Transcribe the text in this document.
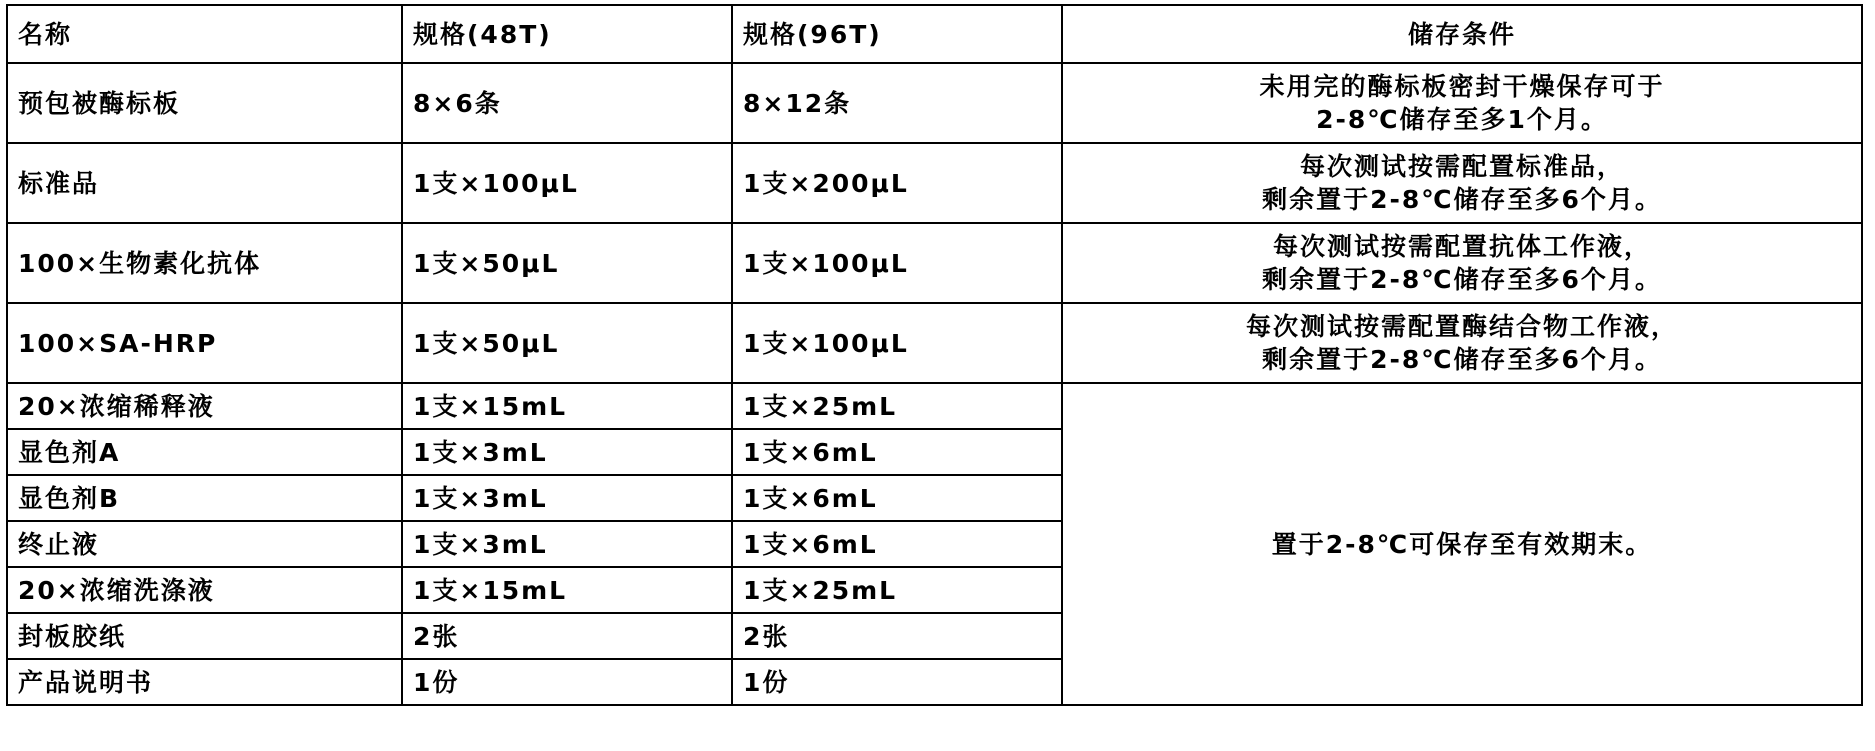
名称	规格(48T)	规格(96T)	储存条件
预包被酶标板	8×6条	8×12条	未用完的酶标板密封干燥保存可于
2-8℃储存至多1个月。

标准品	1支×100μL	1支×200μL	每次测试按需配置标准品，
剩余置于2-8℃储存至多6个月。

100×生物素化抗体	1支×50μL	1支×100μL	每次测试按需配置抗体工作液，
剩余置于2-8℃储存至多6个月。

100×SA-HRP	1支×50μL	1支×100μL	每次测试按需配置酶结合物工作液，
剩余置于2-8℃储存至多6个月。

20×浓缩稀释液	1支×15mL	1支×25mL	置于2-8℃可保存至有效期末。
显色剂A	1支×3mL	1支×6mL	
显色剂B	1支×3mL	1支×6mL	
终止液	1支×3mL	1支×6mL	
20×浓缩洗涤液	1支×15mL	1支×25mL	
封板胶纸	2张	2张	
产品说明书	1份	1份	
